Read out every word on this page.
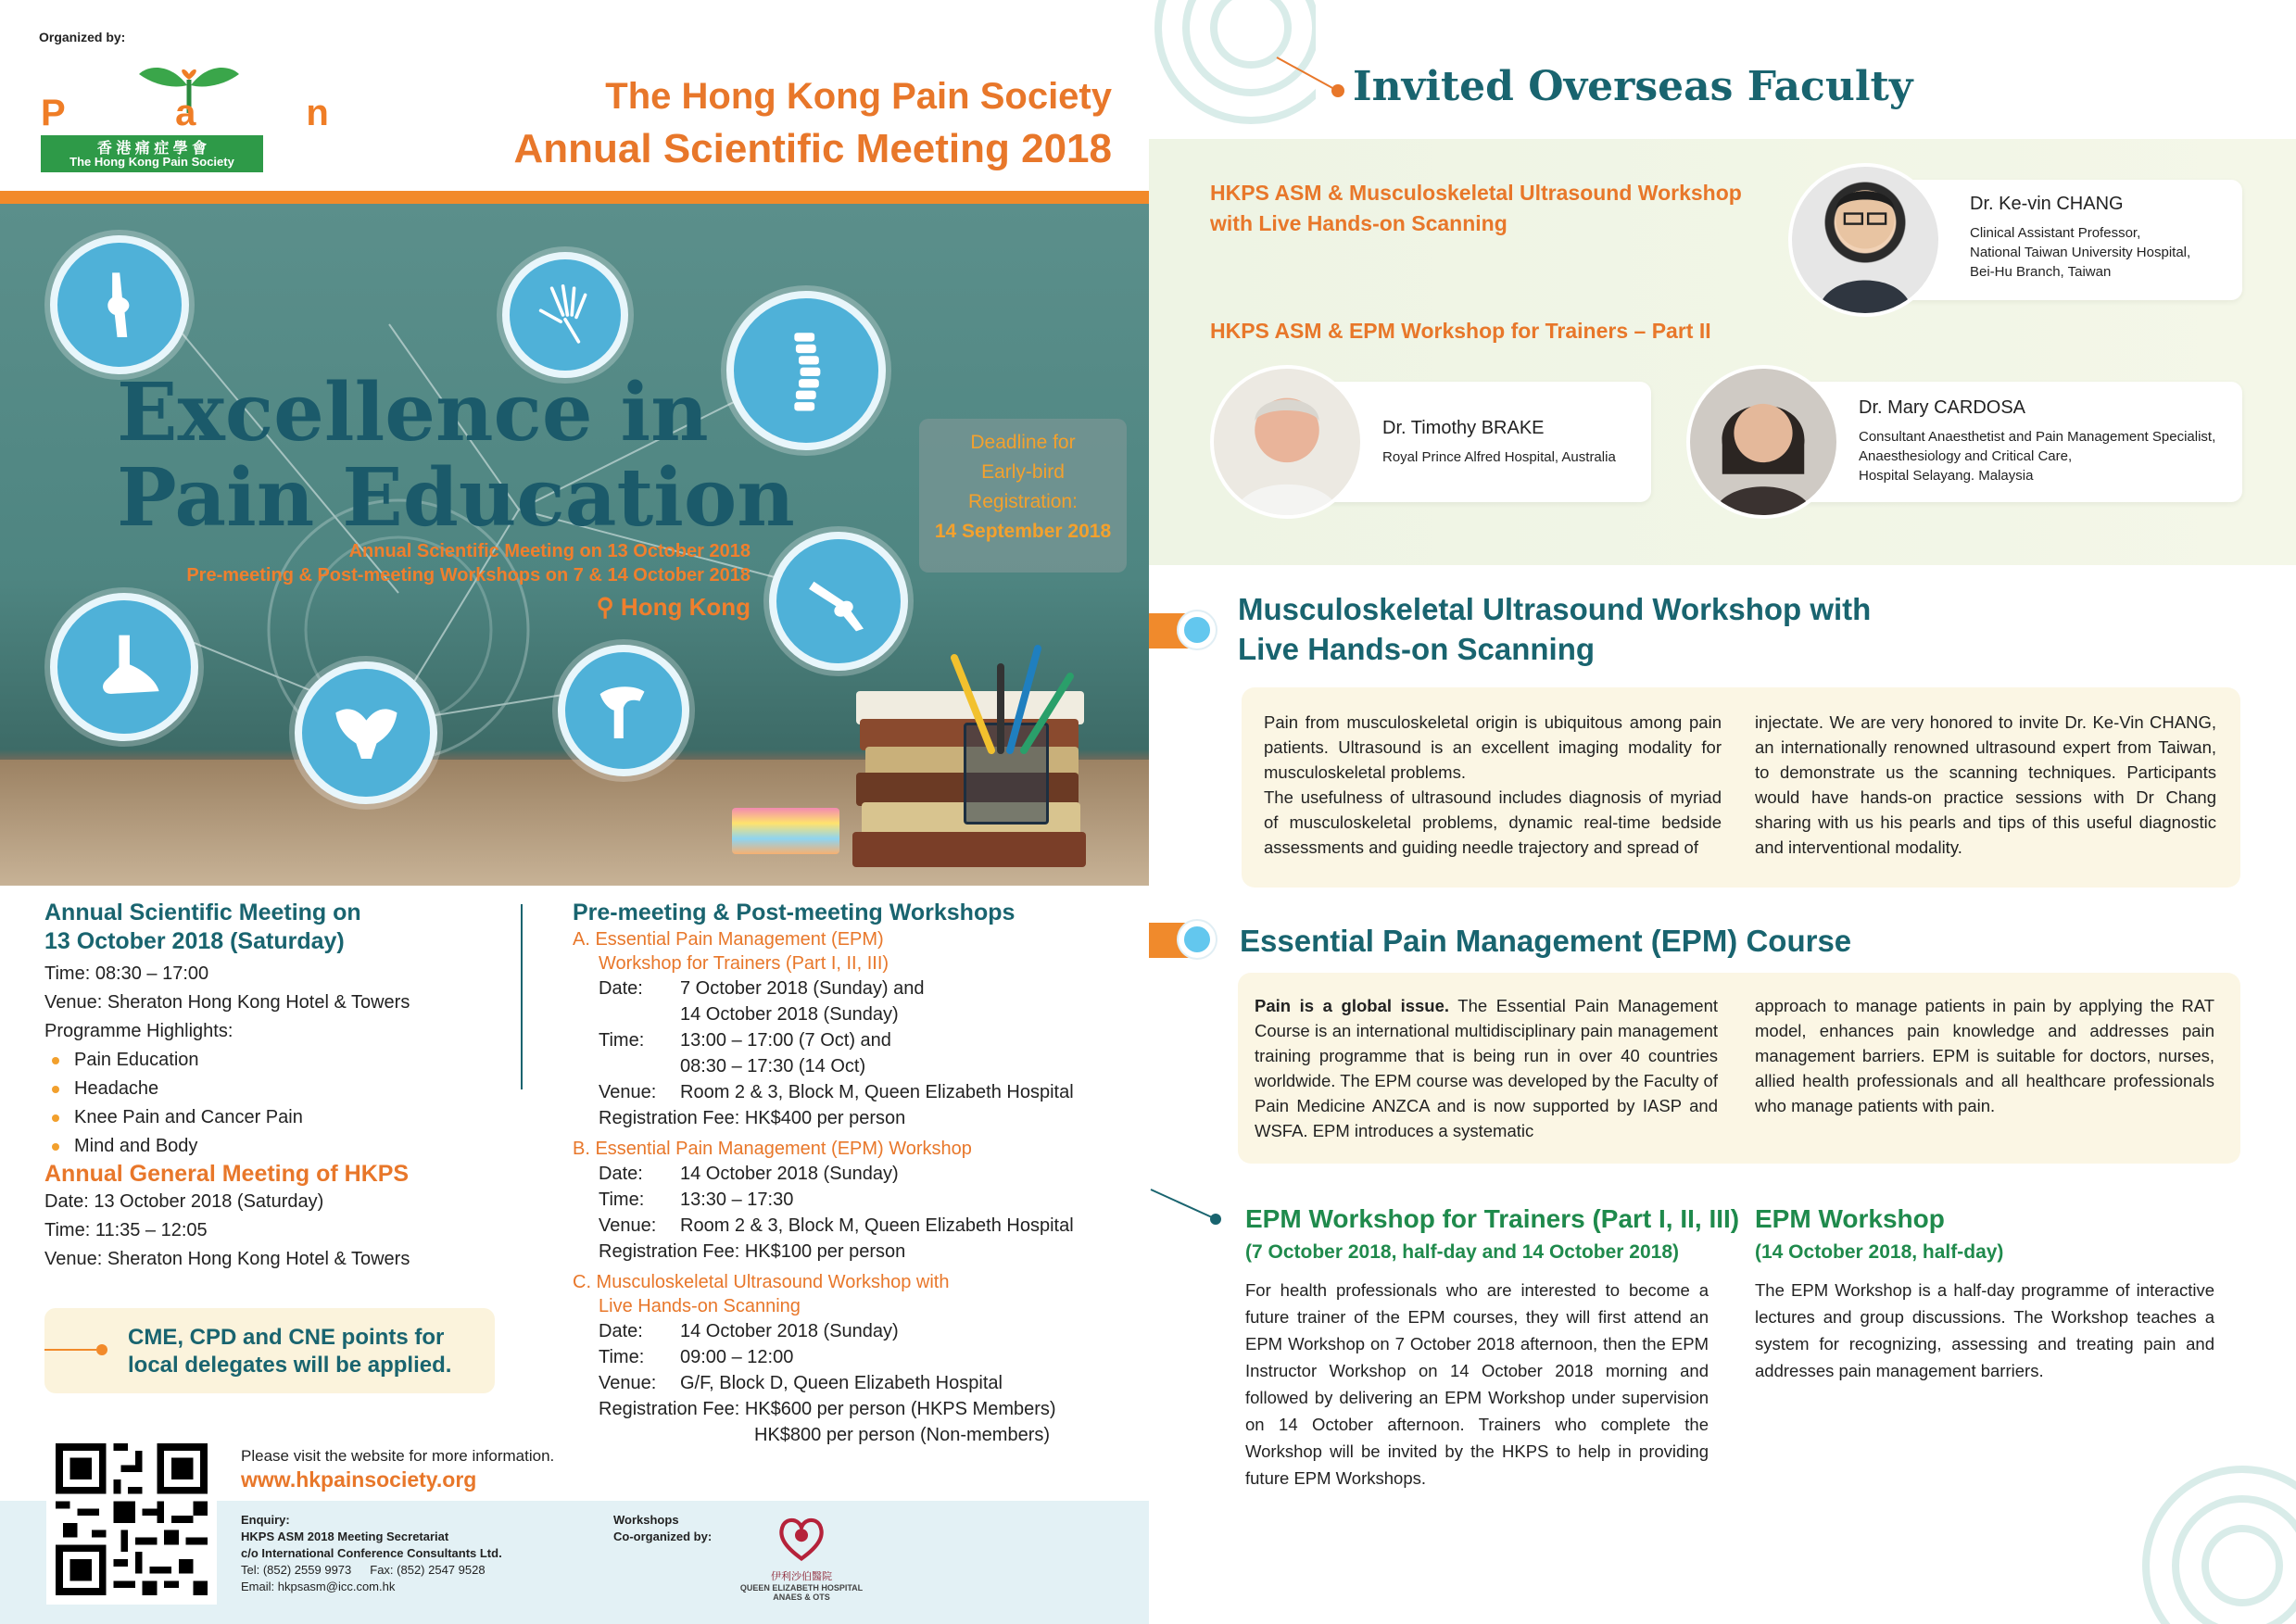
Organized by:
P a n
香 港 痛 症 學 會
The Hong Kong Pain Society
The Hong Kong Pain Society
Annual Scientific Meeting 2018
Deadline for
Early-bird
Registration:
14 September 2018
Excellence in
Pain Education
Annual Scientific Meeting on 13 October 2018
Pre-meeting & Post-meeting Workshops on 7 & 14 October 2018
⚲ Hong Kong
Annual Scientific Meeting on
13 October 2018 (Saturday)
Time: 08:30 – 17:00
Venue: Sheraton Hong Kong Hotel & Towers
Programme Highlights:
Pain Education
Headache
Knee Pain and Cancer Pain
Mind and Body
Annual General Meeting of HKPS
Date: 13 October 2018 (Saturday)
Time: 11:35 – 12:05
Venue: Sheraton Hong Kong Hotel & Towers
CME, CPD and CNE points for
local delegates will be applied.
Pre-meeting & Post-meeting Workshops
A. Essential Pain Management (EPM)
Workshop for Trainers (Part I, II, III)
Date:	7 October 2018 (Sunday) and
14 October 2018 (Sunday)
Time:	13:00 – 17:00 (7 Oct) and
08:30 – 17:30 (14 Oct)
Venue:	Room 2 & 3, Block M, Queen Elizabeth Hospital
Registration Fee: HK$400 per person
B. Essential Pain Management (EPM) Workshop
Date:	14 October 2018 (Sunday)
Time:	13:30 – 17:30
Venue:	Room 2 & 3, Block M, Queen Elizabeth Hospital
Registration Fee: HK$100 per person
C. Musculoskeletal Ultrasound Workshop with
Live Hands-on Scanning
Date:	14 October 2018 (Sunday)
Time:	09:00 – 12:00
Venue:	G/F, Block D, Queen Elizabeth Hospital
Registration Fee: HK$600 per person (HKPS Members)
HK$800 per person (Non-members)
Please visit the website for more information.
www.hkpainsociety.org
Enquiry:
HKPS ASM 2018 Meeting Secretariat
c/o International Conference Consultants Ltd.
Tel: (852) 2559 9973 Fax: (852) 2547 9528
Email: hkpsasm@icc.com.hk
Workshops
Co-organized by:
伊利沙伯醫院
QUEEN ELIZABETH HOSPITAL
ANAES & OTS
Invited Overseas Faculty
HKPS ASM & Musculoskeletal Ultrasound Workshop
with Live Hands-on Scanning
HKPS ASM & EPM Workshop for Trainers – Part II
Dr. Ke-vin CHANG
Clinical Assistant Professor,
National Taiwan University Hospital,
Bei-Hu Branch, Taiwan
Dr. Timothy BRAKE
Royal Prince Alfred Hospital, Australia
Dr. Mary CARDOSA
Consultant Anaesthetist and Pain Management Specialist,
Anaesthesiology and Critical Care,
Hospital Selayang. Malaysia
Musculoskeletal Ultrasound Workshop with
Live Hands-on Scanning

Pain from musculoskeletal origin is ubiquitous among pain patients. Ultrasound is an excellent imaging modality for musculoskeletal problems.

The usefulness of ultrasound includes diagnosis of myriad of musculoskeletal problems, dynamic real-time bedside assessments and guiding needle trajectory and spread of

injectate. We are very honored to invite Dr. Ke-Vin CHANG, an internationally renowned ultrasound expert from Taiwan, to demonstrate us the scanning techniques. Participants would have hands-on practice sessions with Dr Chang sharing with us his pearls and tips of this useful diagnostic and interventional modality.

Essential Pain Management (EPM) Course

Pain is a global issue. The Essential Pain Management Course is an international multidisciplinary pain management training programme that is being run in over 40 countries worldwide. The EPM course was developed by the Faculty of Pain Medicine ANZCA and is now supported by IASP and WSFA. EPM introduces a systematic

approach to manage patients in pain by applying the RAT model, enhances pain knowledge and addresses pain management barriers. EPM is suitable for doctors, nurses, allied health professionals and all healthcare professionals who manage patients with pain.

EPM Workshop for Trainers (Part I, II, III)
(7 October 2018, half-day and 14 October 2018)
For health professionals who are interested to become a future trainer of the EPM courses, they will first attend an EPM Workshop on 7 October 2018 afternoon, then the EPM Instructor Workshop on 14 October 2018 morning and followed by delivering an EPM Workshop under supervision on 14 October afternoon. Trainers who complete the Workshop will be invited by the HKPS to help in providing future EPM Workshops.
EPM Workshop
(14 October 2018, half-day)
The EPM Workshop is a half-day programme of interactive lectures and group discussions. The Workshop teaches a system for recognizing, assessing and treating pain and addresses pain management barriers.
